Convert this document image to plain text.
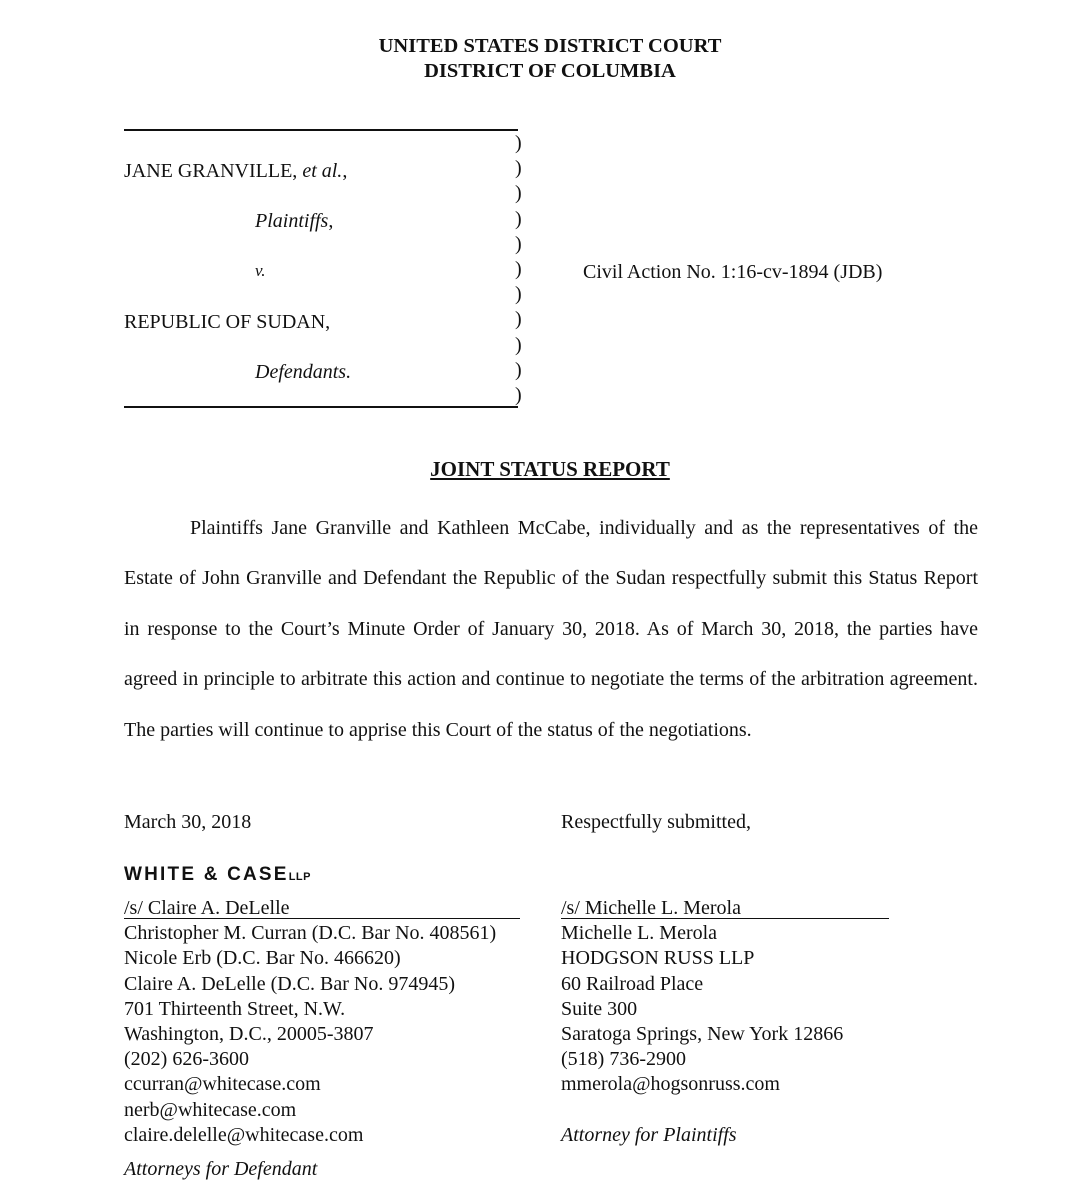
UNITED STATES DISTRICT COURT
DISTRICT OF COLUMBIA
JANE GRANVILLE, et al.,
Plaintiffs,
v.
REPUBLIC OF SUDAN,
Defendants.
)
)
)
)
)
)
)
)
)
)
)
Civil Action No. 1:16-cv-1894 (JDB)
JOINT STATUS REPORT
Plaintiffs Jane Granville and Kathleen McCabe, individually and as the representatives of the Estate of John Granville and Defendant the Republic of the Sudan respectfully submit this Status Report in response to the Court’s Minute Order of January 30, 2018. As of March 30, 2018, the parties have agreed in principle to arbitrate this action and continue to negotiate the terms of the arbitration agreement. The parties will continue to apprise this Court of the status of the negotiations.
March 30, 2018	Respectfully submitted,
WHITE & CASELLP
/s/ Claire A. DeLelle
Christopher M. Curran (D.C. Bar No. 408561)
Nicole Erb (D.C. Bar No. 466620)
Claire A. DeLelle (D.C. Bar No. 974945)
701 Thirteenth Street, N.W.
Washington, D.C., 20005-3807
(202) 626-3600
ccurran@whitecase.com
nerb@whitecase.com
claire.delelle@whitecase.com
Attorneys for Defendant
/s/ Michelle L. Merola
Michelle L. Merola
HODGSON RUSS LLP
60 Railroad Place
Suite 300
Saratoga Springs, New York 12866
(518) 736-2900
mmerola@hogsonruss.com
Attorney for Plaintiffs
